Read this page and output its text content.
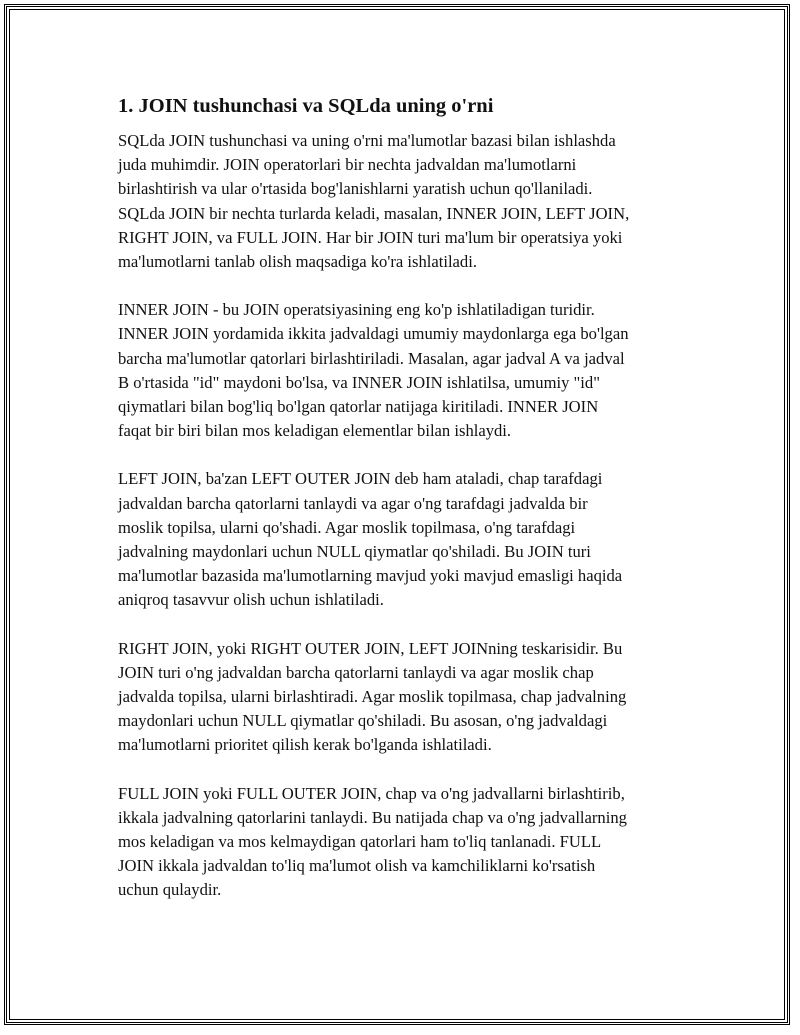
1. JOIN tushunchasi va SQLda uning o'rni

SQLda JOIN tushunchasi va uning o'rni ma'lumotlar bazasi bilan ishlashda
juda muhimdir. JOIN operatorlari bir nechta jadvaldan ma'lumotlarni
birlashtirish va ular o'rtasida bog'lanishlarni yaratish uchun qo'llaniladi.
SQLda JOIN bir nechta turlarda keladi, masalan, INNER JOIN, LEFT JOIN,
RIGHT JOIN, va FULL JOIN. Har bir JOIN turi ma'lum bir operatsiya yoki
ma'lumotlarni tanlab olish maqsadiga ko'ra ishlatiladi.

INNER JOIN - bu JOIN operatsiyasining eng ko'p ishlatiladigan turidir.
INNER JOIN yordamida ikkita jadvaldagi umumiy maydonlarga ega bo'lgan
barcha ma'lumotlar qatorlari birlashtiriladi. Masalan, agar jadval A va jadval
B o'rtasida "id" maydoni bo'lsa, va INNER JOIN ishlatilsa, umumiy "id"
qiymatlari bilan bog'liq bo'lgan qatorlar natijaga kiritiladi. INNER JOIN
faqat bir biri bilan mos keladigan elementlar bilan ishlaydi.

LEFT JOIN, ba'zan LEFT OUTER JOIN deb ham ataladi, chap tarafdagi
jadvaldan barcha qatorlarni tanlaydi va agar o'ng tarafdagi jadvalda bir
moslik topilsa, ularni qo'shadi. Agar moslik topilmasa, o'ng tarafdagi
jadvalning maydonlari uchun NULL qiymatlar qo'shiladi. Bu JOIN turi
ma'lumotlar bazasida ma'lumotlarning mavjud yoki mavjud emasligi haqida
aniqroq tasavvur olish uchun ishlatiladi.

RIGHT JOIN, yoki RIGHT OUTER JOIN, LEFT JOINning teskarisidir. Bu
JOIN turi o'ng jadvaldan barcha qatorlarni tanlaydi va agar moslik chap
jadvalda topilsa, ularni birlashtiradi. Agar moslik topilmasa, chap jadvalning
maydonlari uchun NULL qiymatlar qo'shiladi. Bu asosan, o'ng jadvaldagi
ma'lumotlarni prioritet qilish kerak bo'lganda ishlatiladi.

FULL JOIN yoki FULL OUTER JOIN, chap va o'ng jadvallarni birlashtirib,
ikkala jadvalning qatorlarini tanlaydi. Bu natijada chap va o'ng jadvallarning
mos keladigan va mos kelmaydigan qatorlari ham to'liq tanlanadi. FULL
JOIN ikkala jadvaldan to'liq ma'lumot olish va kamchiliklarni ko'rsatish
uchun qulaydir.
